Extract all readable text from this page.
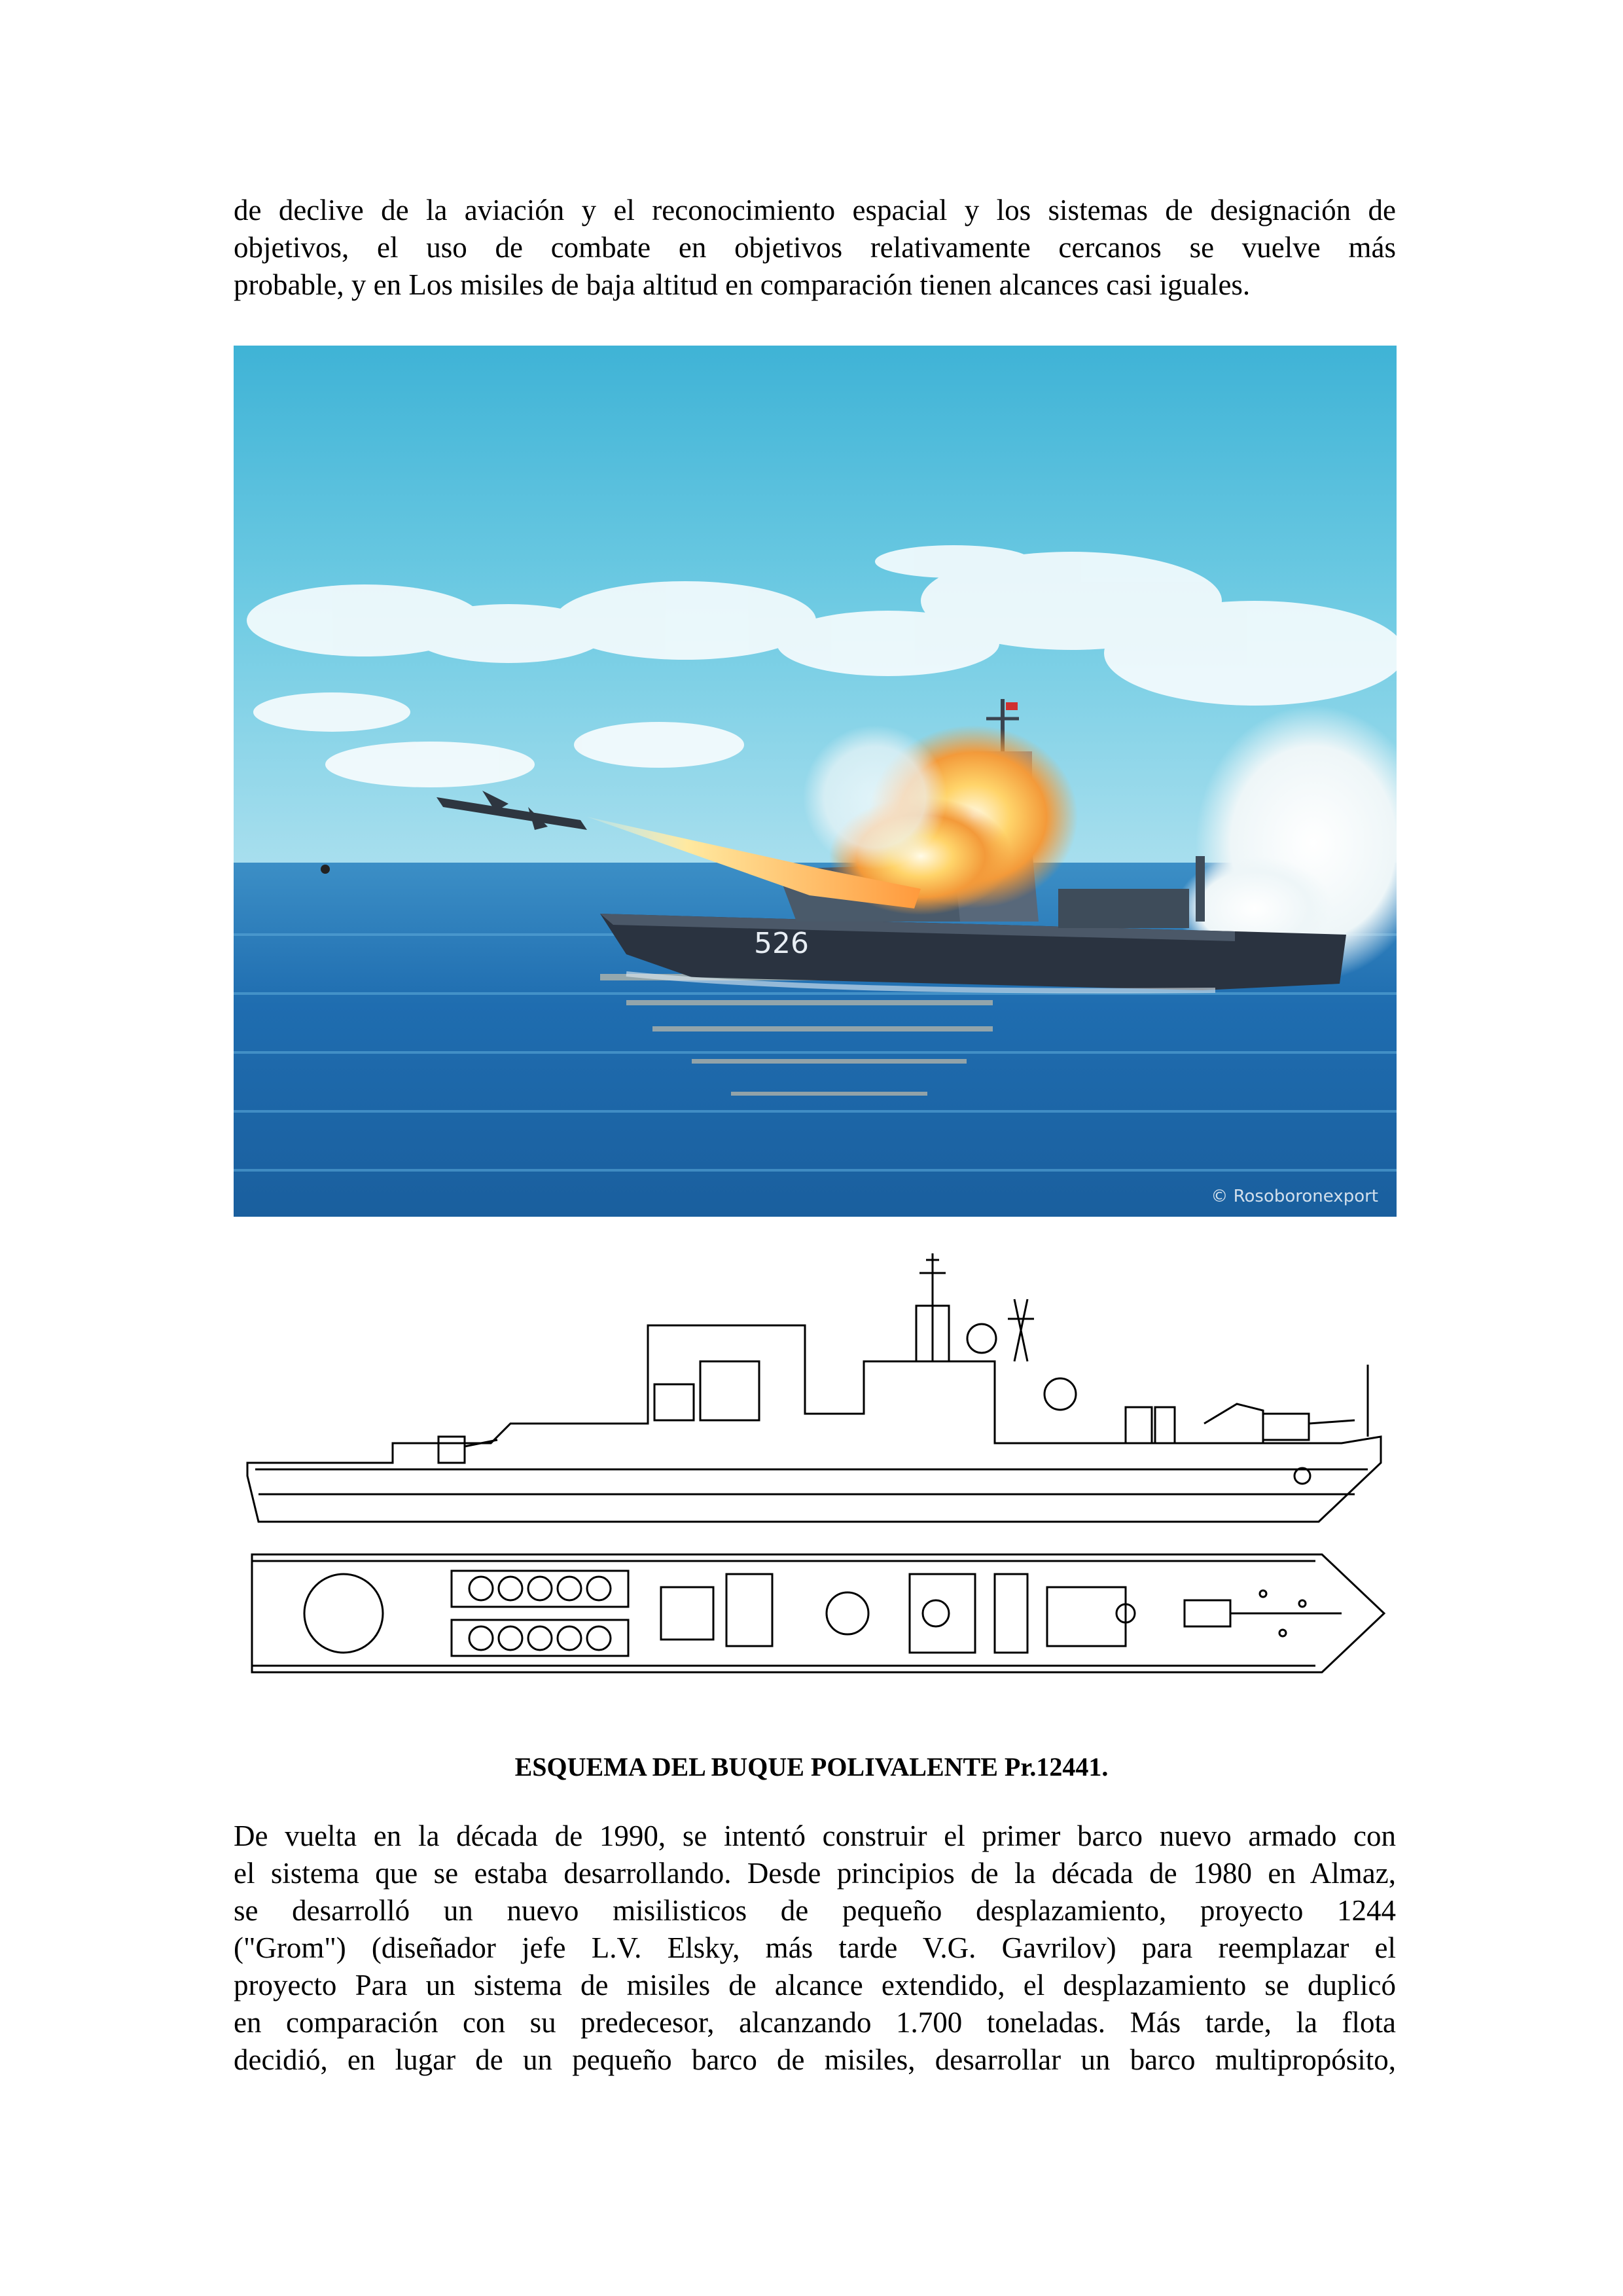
de declive de la aviación y el reconocimiento espacial y los sistemas de designación de
objetivos, el uso de combate en objetivos relativamente cercanos se vuelve más
probable, y en Los misiles de baja altitud en comparación tienen alcances casi iguales.

526
© Rosoboronexport

ESQUEMA DEL BUQUE POLIVALENTE Pr.12441.

De vuelta en la década de 1990, se intentó construir el primer barco nuevo armado con
el sistema que se estaba desarrollando. Desde principios de la década de 1980 en Almaz,
se desarrolló un nuevo misilisticos de pequeño desplazamiento, proyecto 1244
("Grom") (diseñador jefe L.V. Elsky, más tarde V.G. Gavrilov) para reemplazar el
proyecto Para un sistema de misiles de alcance extendido, el desplazamiento se duplicó
en comparación con su predecesor, alcanzando 1.700 toneladas. Más tarde, la flota
decidió, en lugar de un pequeño barco de misiles, desarrollar un barco multipropósito,
